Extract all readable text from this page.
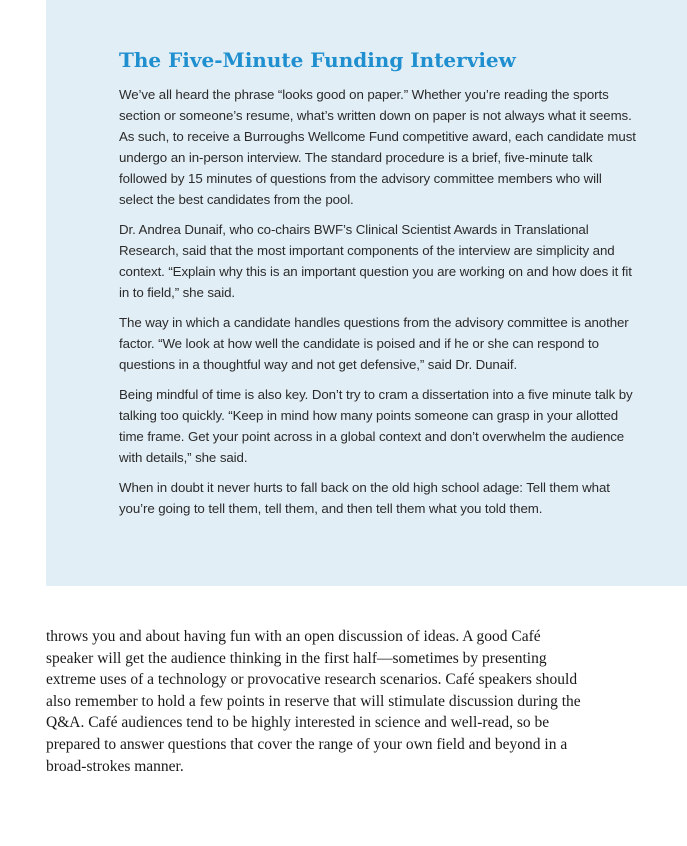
The Five-Minute Funding Interview

We’ve all heard the phrase “looks good on paper.” Whether you’re reading the sports section or someone’s resume, what’s written down on paper is not always what it seems. As such, to receive a Burroughs Wellcome Fund competitive award, each candidate must undergo an in-person interview. The standard procedure is a brief, five-minute talk followed by 15 minutes of questions from the advisory committee members who will select the best candidates from the pool.

Dr. Andrea Dunaif, who co-chairs BWF’s Clinical Scientist Awards in Translational Research, said that the most important components of the interview are simplicity and context. “Explain why this is an important question you are working on and how does it fit in to field,” she said.

The way in which a candidate handles questions from the advisory committee is another factor. “We look at how well the candidate is poised and if he or she can respond to questions in a thoughtful way and not get defensive,” said Dr. Dunaif.

Being mindful of time is also key. Don’t try to cram a dissertation into a five minute talk by talking too quickly. “Keep in mind how many points someone can grasp in your allotted time frame. Get your point across in a global context and don’t overwhelm the audience with details,” she said.

When in doubt it never hurts to fall back on the old high school adage: Tell them what you’re going to tell them, tell them, and then tell them what you told them.

throws you and about having fun with an open discussion of ideas. A good Café speaker will get the audience thinking in the first half—sometimes by presenting extreme uses of a technology or provocative research scenarios. Café speakers should also remember to hold a few points in reserve that will stimulate discussion during the Q&A. Café audiences tend to be highly interested in science and well-read, so be prepared to answer questions that cover the range of your own field and beyond in a broad-strokes manner.
